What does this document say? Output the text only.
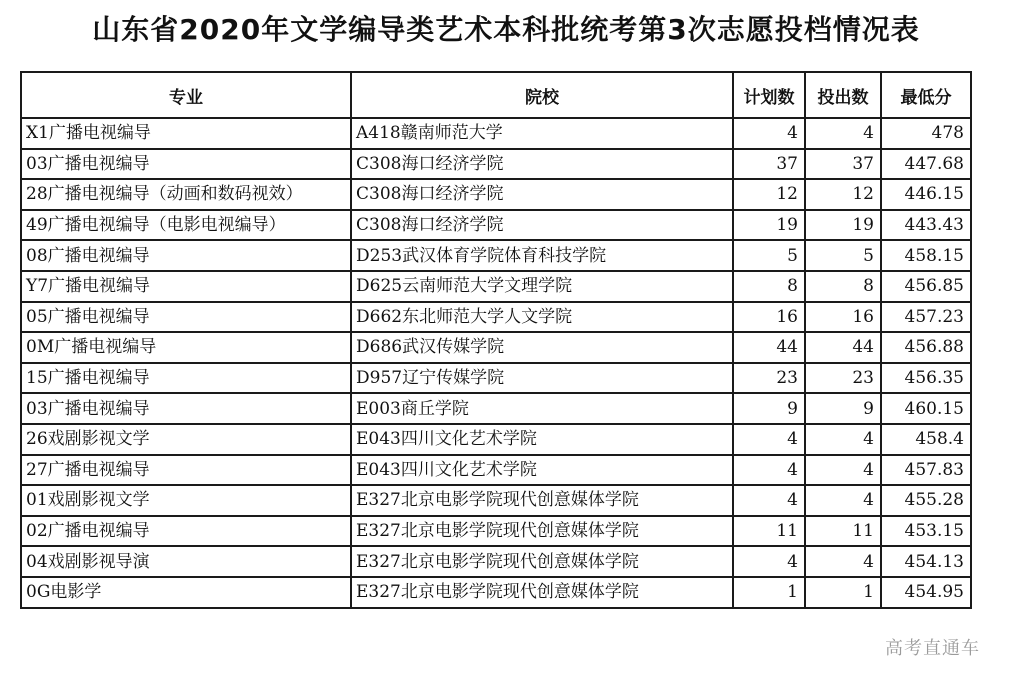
山东省2020年文学编导类艺术本科批统考第3次志愿投档情况表
专业	院校	计划数	投出数	最低分
X1广播电视编导	A418赣南师范大学	4	4	478
03广播电视编导	C308海口经济学院	37	37	447.68
28广播电视编导（动画和数码视效）	C308海口经济学院	12	12	446.15
49广播电视编导（电影电视编导）	C308海口经济学院	19	19	443.43
08广播电视编导	D253武汉体育学院体育科技学院	5	5	458.15
Y7广播电视编导	D625云南师范大学文理学院	8	8	456.85
05广播电视编导	D662东北师范大学人文学院	16	16	457.23
0M广播电视编导	D686武汉传媒学院	44	44	456.88
15广播电视编导	D957辽宁传媒学院	23	23	456.35
03广播电视编导	E003商丘学院	9	9	460.15
26戏剧影视文学	E043四川文化艺术学院	4	4	458.4
27广播电视编导	E043四川文化艺术学院	4	4	457.83
01戏剧影视文学	E327北京电影学院现代创意媒体学院	4	4	455.28
02广播电视编导	E327北京电影学院现代创意媒体学院	11	11	453.15
04戏剧影视导演	E327北京电影学院现代创意媒体学院	4	4	454.13
0G电影学	E327北京电影学院现代创意媒体学院	1	1	454.95
高考直通车
